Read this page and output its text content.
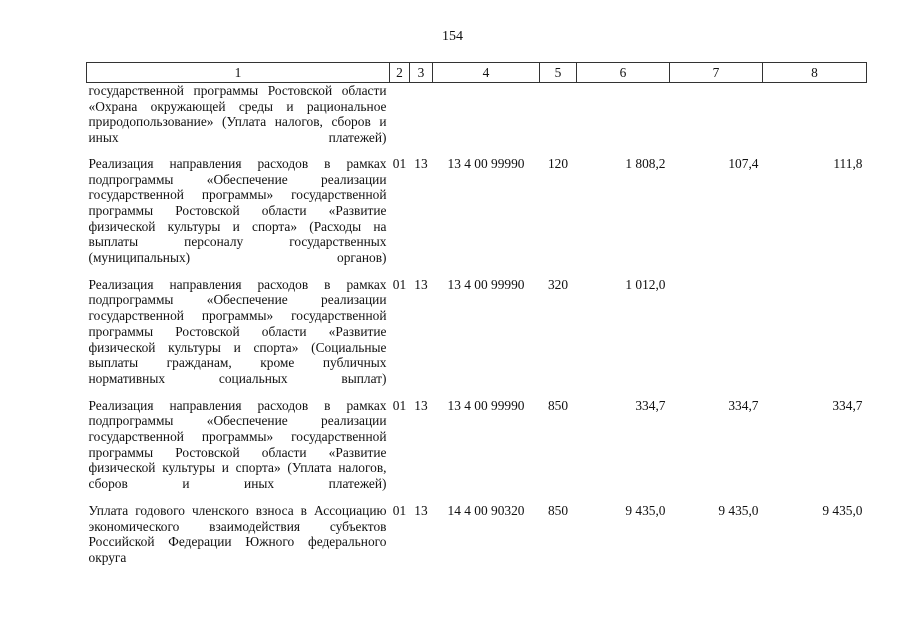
154
1	2	3	4	5	6	7	8
государственной программы Ростовской области «Охрана окружающей среды и рациональное природопользование» (Уплата налогов, сборов и иных платежей)							
Реализация направления расходов в рамках подпрограммы «Обеспечение реализации государственной программы» государственной программы Ростовской области «Развитие физической культуры и спорта» (Расходы на выплаты персоналу государственных (муниципальных) органов)	01	13	13 4 00 99990	120	1 808,2	107,4	111,8
Реализация направления расходов в рамках подпрограммы «Обеспечение реализации государственной программы» государственной программы Ростовской области «Развитие физической культуры и спорта» (Социальные выплаты гражданам, кроме публичных нормативных социальных выплат)	01	13	13 4 00 99990	320	1 012,0		
Реализация направления расходов в рамках подпрограммы «Обеспечение реализации государственной программы» государственной программы Ростовской области «Развитие физической культуры и спорта» (Уплата налогов, сборов и иных платежей)	01	13	13 4 00 99990	850	334,7	334,7	334,7
Уплата годового членского взноса в Ассоциацию экономического взаимодействия субъектов Российской Федерации Южного федерального округа	01	13	14 4 00 90320	850	9 435,0	9 435,0	9 435,0
